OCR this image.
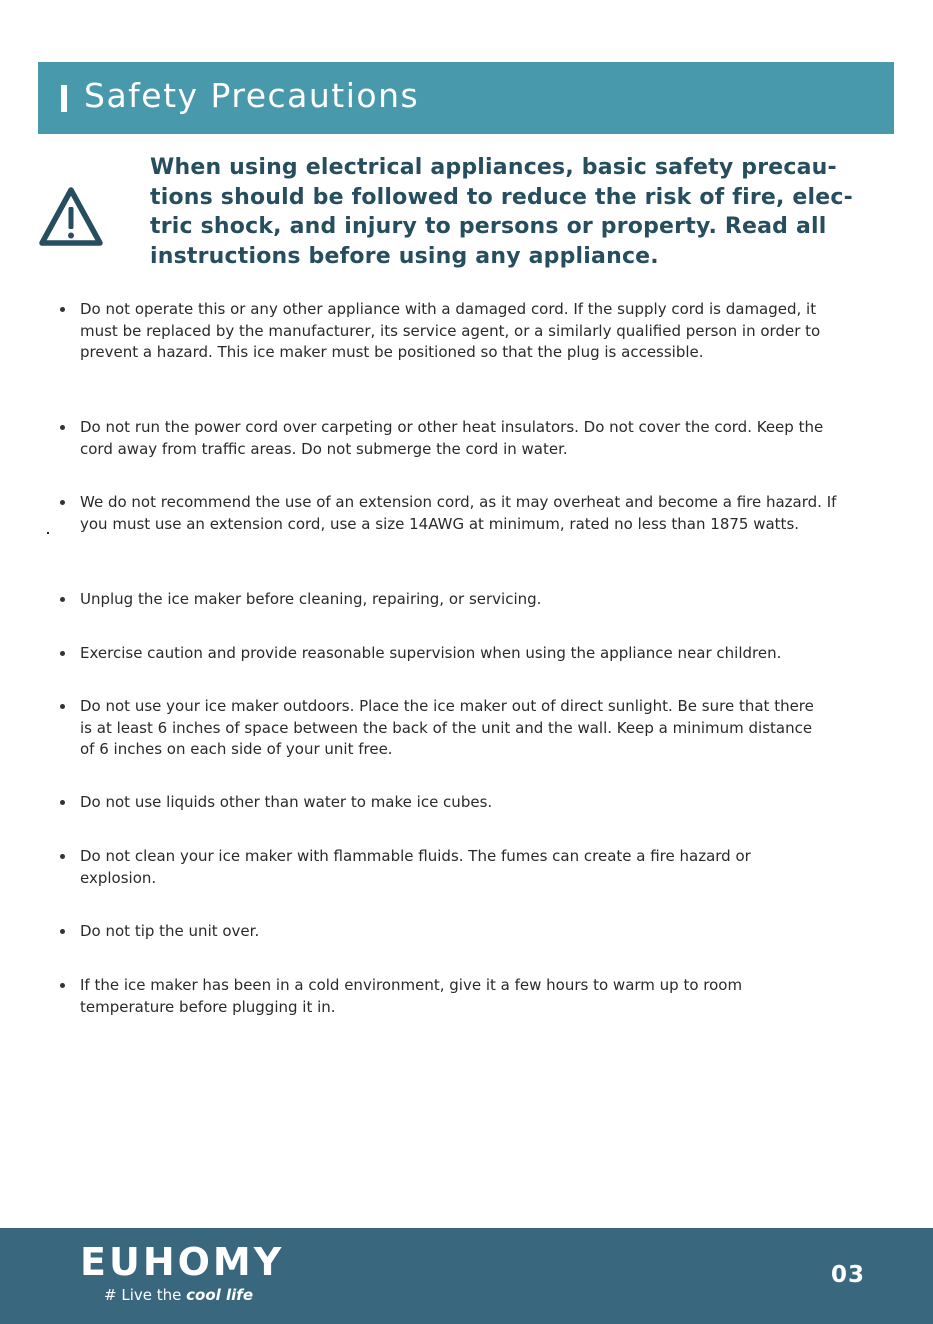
Safety Precautions

When using electrical appliances, basic safety precau-tions should be followed to reduce the risk of fire, elec-tric shock, and injury to persons or property. Read all instructions before using any appliance.

Do not operate this or any other appliance with a damaged cord. If the supply cord is damaged, it must be replaced by the manufacturer, its service agent, or a similarly qualified person in order to prevent a hazard. This ice maker must be positioned so that the plug is accessible.
Do not run the power cord over carpeting or other heat insulators. Do not cover the cord. Keep the cord away from traffic areas. Do not submerge the cord in water.
We do not recommend the use of an extension cord, as it may overheat and become a fire hazard. If you must use an extension cord, use a size 14AWG at minimum, rated no less than 1875 watts.
Unplug the ice maker before cleaning, repairing, or servicing.
Exercise caution and provide reasonable supervision when using the appliance near children.
Do not use your ice maker outdoors. Place the ice maker out of direct sunlight. Be sure that there is at least 6 inches of space between the back of the unit and the wall. Keep a minimum distance of 6 inches on each side of your unit free.
Do not use liquids other than water to make ice cubes.
Do not clean your ice maker with flammable fluids. The fumes can create a fire hazard or explosion.
Do not tip the unit over.
If the ice maker has been in a cold environment, give it a few hours to warm up to room temperature before plugging it in.
EUHOMY
# Live the cool life
03
